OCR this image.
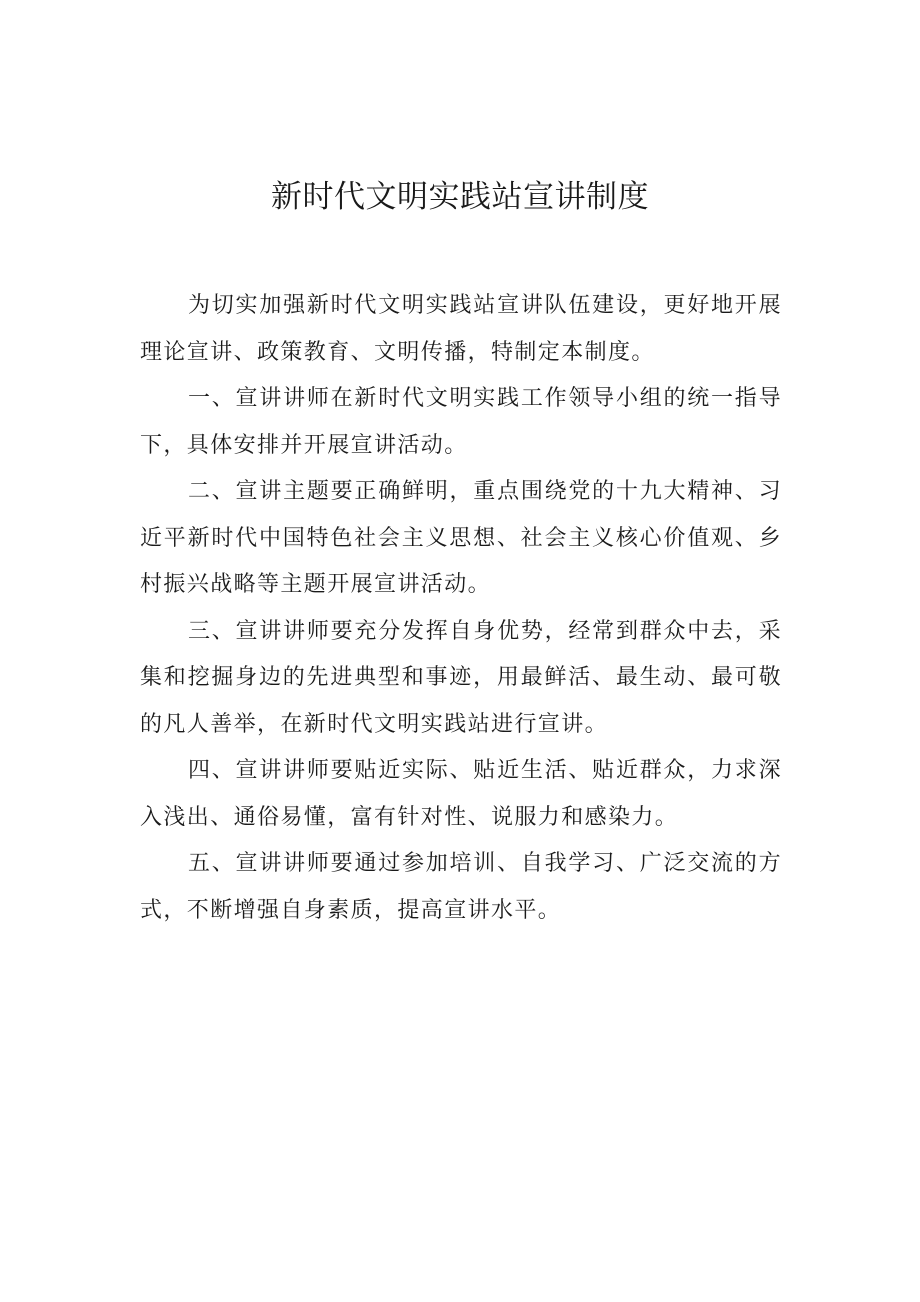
新时代文明实践站宣讲制度

为切实加强新时代文明实践站宣讲队伍建设，更好地开展理论宣讲、政策教育、文明传播，特制定本制度。

一、宣讲讲师在新时代文明实践工作领导小组的统一指导下，具体安排并开展宣讲活动。

二、宣讲主题要正确鲜明，重点围绕党的十九大精神、习近平新时代中国特色社会主义思想、社会主义核心价值观、乡村振兴战略等主题开展宣讲活动。

三、宣讲讲师要充分发挥自身优势，经常到群众中去，采集和挖掘身边的先进典型和事迹，用最鲜活、最生动、最可敬的凡人善举，在新时代文明实践站进行宣讲。

四、宣讲讲师要贴近实际、贴近生活、贴近群众，力求深入浅出、通俗易懂，富有针对性、说服力和感染力。

五、宣讲讲师要通过参加培训、自我学习、广泛交流的方式，不断增强自身素质，提高宣讲水平。
